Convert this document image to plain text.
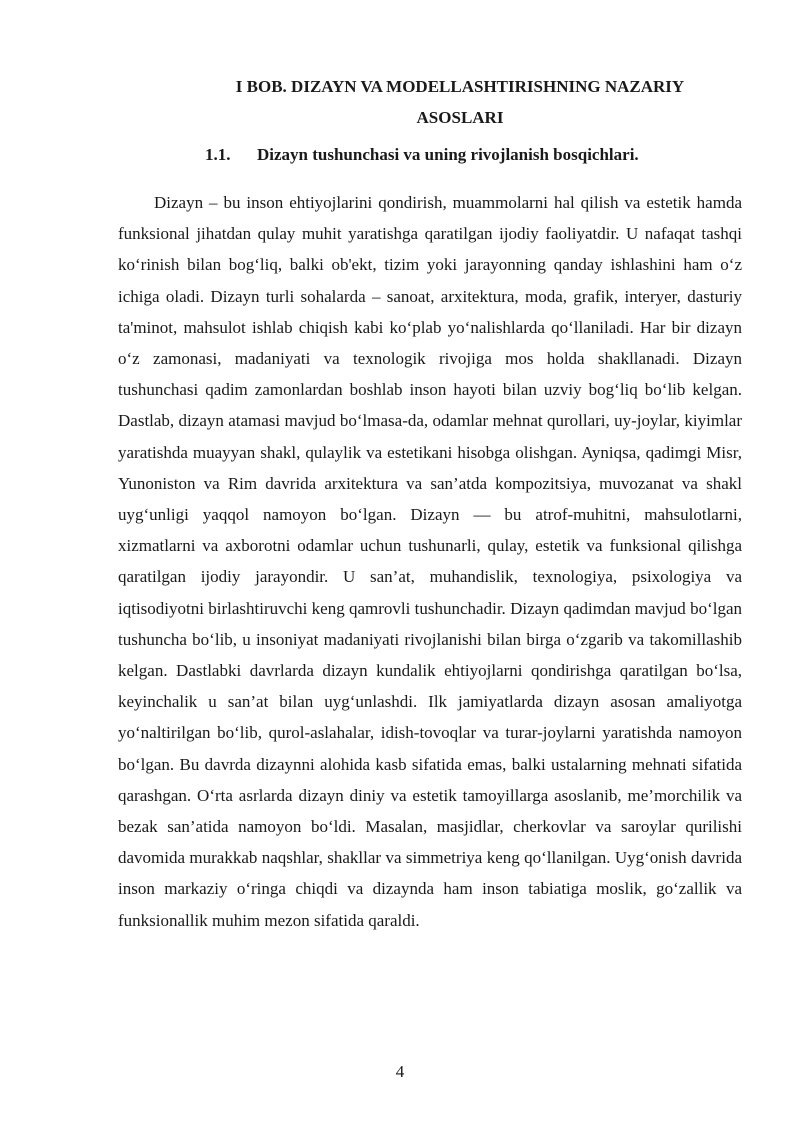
I BOB. DIZAYN VA MODELLASHTIRISHNING NAZARIY
ASOSLARI
1.1. Dizayn tushunchasi va uning rivojlanish bosqichlari.

Dizayn – bu inson ehtiyojlarini qondirish, muammolarni hal qilish va estetik hamda funksional jihatdan qulay muhit yaratishga qaratilgan ijodiy faoliyatdir. U nafaqat tashqi ko‘rinish bilan bog‘liq, balki ob'ekt, tizim yoki jarayonning qanday ishlashini ham o‘z ichiga oladi. Dizayn turli sohalarda – sanoat, arxitektura, moda, grafik, interyer, dasturiy ta'minot, mahsulot ishlab chiqish kabi ko‘plab yo‘nalishlarda qo‘llaniladi. Har bir dizayn o‘z zamonasi, madaniyati va texnologik rivojiga mos holda shakllanadi. Dizayn tushunchasi qadim zamonlardan boshlab inson hayoti bilan uzviy bog‘liq bo‘lib kelgan. Dastlab, dizayn atamasi mavjud bo‘lmasa-da, odamlar mehnat qurollari, uy-joylar, kiyimlar yaratishda muayyan shakl, qulaylik va estetikani hisobga olishgan. Ayniqsa, qadimgi Misr, Yunoniston va Rim davrida arxitektura va san’atda kompozitsiya, muvozanat va shakl uyg‘unligi yaqqol namoyon bo‘lgan. Dizayn — bu atrof-muhitni, mahsulotlarni, xizmatlarni va axborotni odamlar uchun tushunarli, qulay, estetik va funksional qilishga qaratilgan ijodiy jarayondir. U san’at, muhandislik, texnologiya, psixologiya va iqtisodiyotni birlashtiruvchi keng qamrovli tushunchadir. Dizayn qadimdan mavjud bo‘lgan tushuncha bo‘lib, u insoniyat madaniyati rivojlanishi bilan birga o‘zgarib va takomillashib kelgan. Dastlabki davrlarda dizayn kundalik ehtiyojlarni qondirishga qaratilgan bo‘lsa, keyinchalik u san’at bilan uyg‘unlashdi. Ilk jamiyatlarda dizayn asosan amaliyotga yo‘naltirilgan bo‘lib, qurol-aslahalar, idish-tovoqlar va turar-joylarni yaratishda namoyon bo‘lgan. Bu davrda dizaynni alohida kasb sifatida emas, balki ustalarning mehnati sifatida qarashgan. O‘rta asrlarda dizayn diniy va estetik tamoyillarga asoslanib, me’morchilik va bezak san’atida namoyon bo‘ldi. Masalan, masjidlar, cherkovlar va saroylar qurilishi davomida murakkab naqshlar, shakllar va simmetriya keng qo‘llanilgan. Uyg‘onish davrida inson markaziy o‘ringa chiqdi va dizaynda ham inson tabiatiga moslik, go‘zallik va funksionallik muhim mezon sifatida qaraldi.

4
